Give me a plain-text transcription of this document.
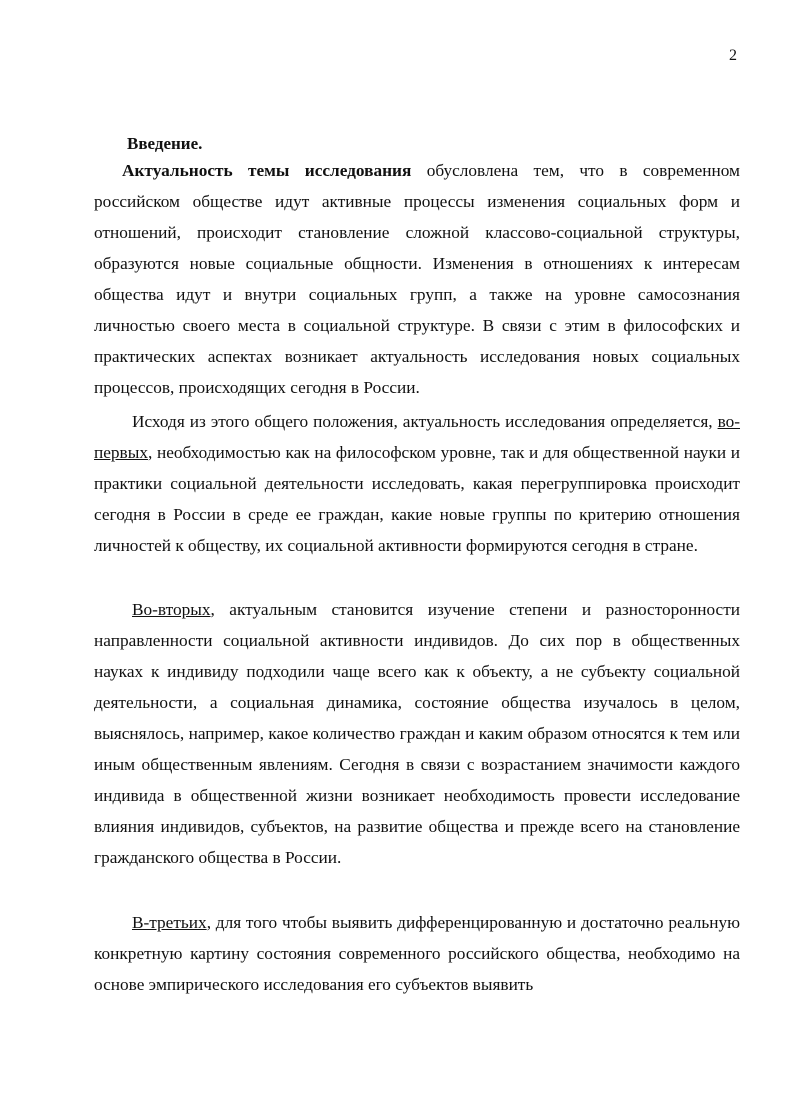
2
Введение.

Актуальность темы исследования обусловлена тем, что в современном российском обществе идут активные процессы изменения социальных форм и отношений, происходит становление сложной классово-социальной структуры, образуются новые социальные общности. Изменения в отношениях к интересам общества идут и внутри социальных групп, а также на уровне самосознания личностью своего места в социальной структуре. В связи с этим в философских и практических аспектах возникает актуальность исследования новых социальных процессов, происходящих сегодня в России.

Исходя из этого общего положения, актуальность исследования определяется, во-первых, необходимостью как на философском уровне, так и для общественной науки и практики социальной деятельности исследовать, какая перегруппировка происходит сегодня в России в среде ее граждан, какие новые группы по критерию отношения личностей к обществу, их социальной активности формируются сегодня в стране.

Во-вторых, актуальным становится изучение степени и разносторонности направленности социальной активности индивидов. До сих пор в общественных науках к индивиду подходили чаще всего как к объекту, а не субъекту социальной деятельности, а социальная динамика, состояние общества изучалось в целом, выяснялось, например, какое количество граждан и каким образом относятся к тем или иным общественным явлениям. Сегодня в связи с возрастанием значимости каждого индивида в общественной жизни возникает необходимость провести исследование влияния индивидов, субъектов, на развитие общества и прежде всего на становление гражданского общества в России.

В-третьих, для того чтобы выявить дифференцированную и достаточно реальную конкретную картину состояния современного российского общества, необходимо на основе эмпирического исследования его субъектов выявить
